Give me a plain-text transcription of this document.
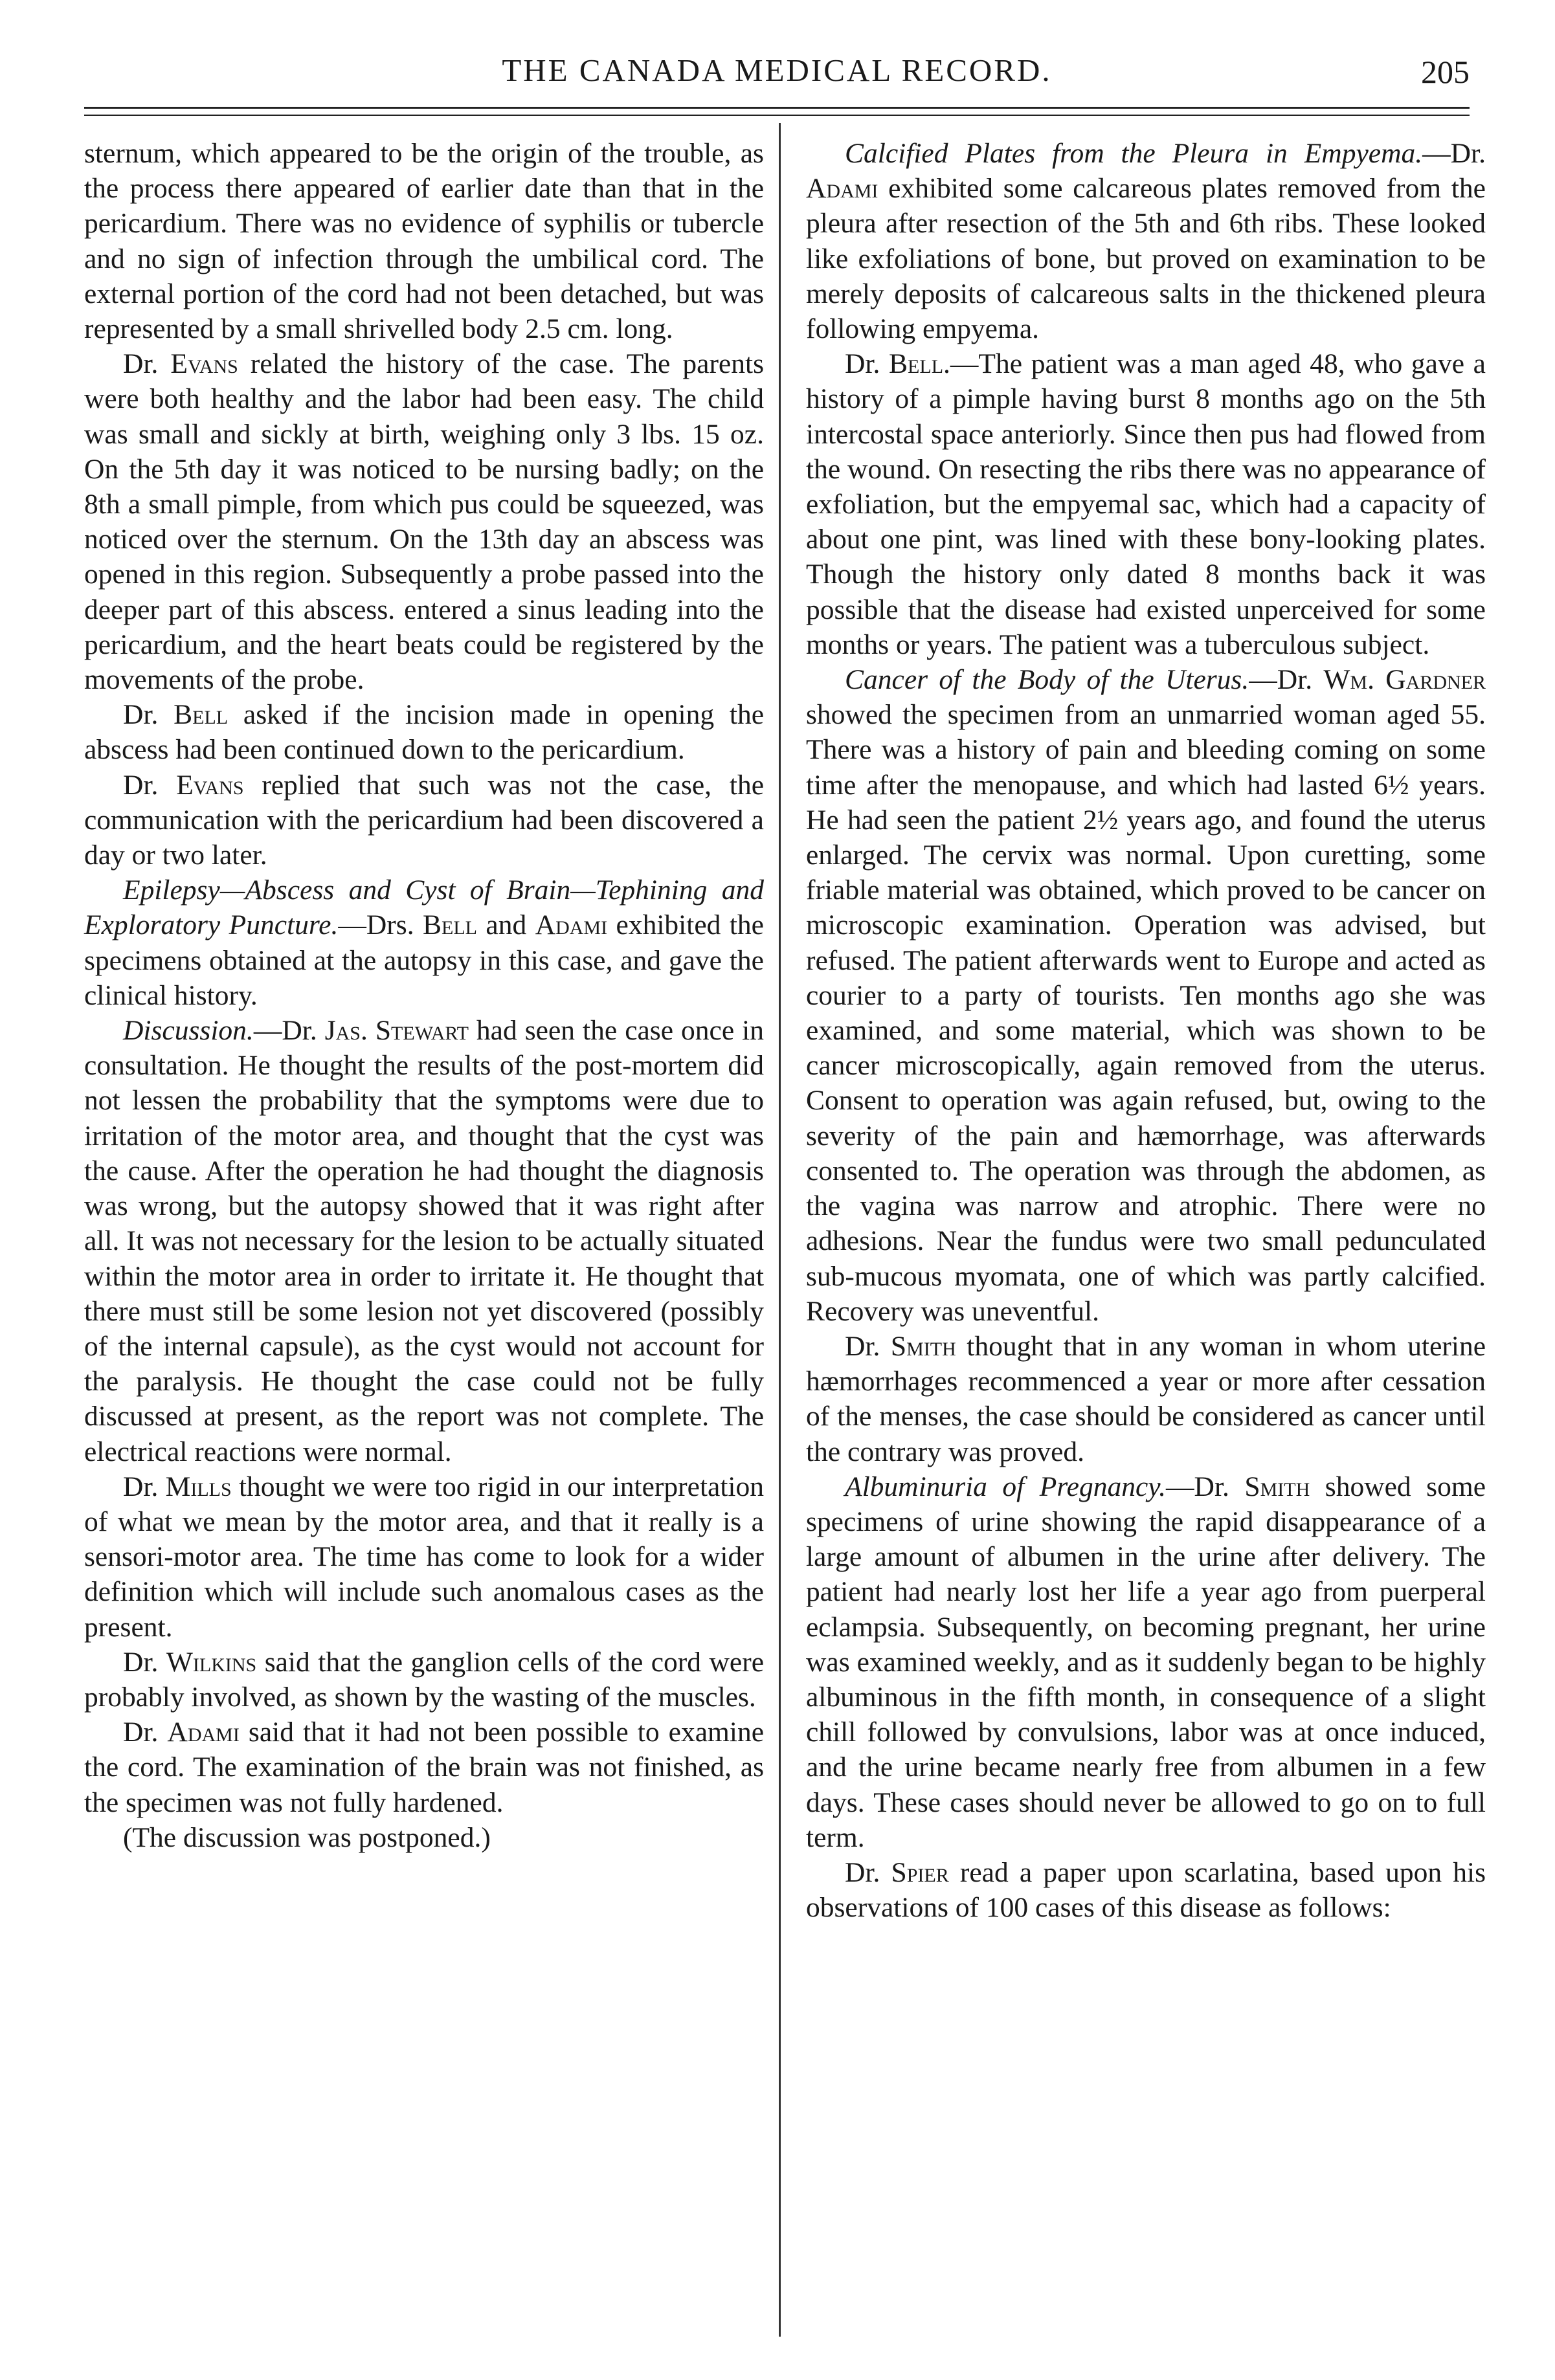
THE CANADA MEDICAL RECORD.	205

sternum, which appeared to be the origin of the trouble, as the process there appeared of earlier date than that in the pericardium. There was no evidence of syphilis or tubercle and no sign of infection through the umbilical cord. The external portion of the cord had not been detached, but was represented by a small shrivelled body 2.5 cm. long.

Dr. Evans related the history of the case. The parents were both healthy and the labor had been easy. The child was small and sickly at birth, weighing only 3 lbs. 15 oz. On the 5th day it was noticed to be nursing badly; on the 8th a small pimple, from which pus could be squeezed, was noticed over the sternum. On the 13th day an abscess was opened in this region. Subsequently a probe passed into the deeper part of this abscess. entered a sinus leading into the pericardium, and the heart beats could be registered by the movements of the probe.

Dr. Bell asked if the incision made in opening the abscess had been continued down to the pericardium.

Dr. Evans replied that such was not the case, the communication with the pericardium had been discovered a day or two later.

Epilepsy—Abscess and Cyst of Brain—Tephining and Exploratory Puncture.—Drs. Bell and Adami exhibited the specimens obtained at the autopsy in this case, and gave the clinical history.

Discussion.—Dr. Jas. Stewart had seen the case once in consultation. He thought the results of the post-mortem did not lessen the probability that the symptoms were due to irritation of the motor area, and thought that the cyst was the cause. After the operation he had thought the diagnosis was wrong, but the autopsy showed that it was right after all. It was not necessary for the lesion to be actually situated within the motor area in order to irritate it. He thought that there must still be some lesion not yet discovered (possibly of the internal capsule), as the cyst would not account for the paralysis. He thought the case could not be fully discussed at present, as the report was not complete. The electrical reactions were normal.

Dr. Mills thought we were too rigid in our interpretation of what we mean by the motor area, and that it really is a sensori-motor area. The time has come to look for a wider definition which will include such anomalous cases as the present.

Dr. Wilkins said that the ganglion cells of the cord were probably involved, as shown by the wasting of the muscles.

Dr. Adami said that it had not been possible to examine the cord. The examination of the brain was not finished, as the specimen was not fully hardened.

(The discussion was postponed.)

Calcified Plates from the Pleura in Empyema.—Dr. Adami exhibited some calcareous plates removed from the pleura after resection of the 5th and 6th ribs. These looked like exfoliations of bone, but proved on examination to be merely deposits of calcareous salts in the thickened pleura following empyema.

Dr. Bell.—The patient was a man aged 48, who gave a history of a pimple having burst 8 months ago on the 5th intercostal space anteriorly. Since then pus had flowed from the wound. On resecting the ribs there was no appearance of exfoliation, but the empyemal sac, which had a capacity of about one pint, was lined with these bony-looking plates. Though the history only dated 8 months back it was possible that the disease had existed unperceived for some months or years. The patient was a tuberculous subject.

Cancer of the Body of the Uterus.—Dr. Wm. Gardner showed the specimen from an unmarried woman aged 55. There was a history of pain and bleeding coming on some time after the menopause, and which had lasted 6½ years. He had seen the patient 2½ years ago, and found the uterus enlarged. The cervix was normal. Upon curetting, some friable material was obtained, which proved to be cancer on microscopic examination. Operation was advised, but refused. The patient afterwards went to Europe and acted as courier to a party of tourists. Ten months ago she was examined, and some material, which was shown to be cancer microscopically, again removed from the uterus. Consent to operation was again refused, but, owing to the severity of the pain and hæmorrhage, was afterwards consented to. The operation was through the abdomen, as the vagina was narrow and atrophic. There were no adhesions. Near the fundus were two small pedunculated sub-mucous myomata, one of which was partly calcified. Recovery was uneventful.

Dr. Smith thought that in any woman in whom uterine hæmorrhages recommenced a year or more after cessation of the menses, the case should be considered as cancer until the contrary was proved.

Albuminuria of Pregnancy.—Dr. Smith showed some specimens of urine showing the rapid disappearance of a large amount of albumen in the urine after delivery. The patient had nearly lost her life a year ago from puerperal eclampsia. Subsequently, on becoming pregnant, her urine was examined weekly, and as it suddenly began to be highly albuminous in the fifth month, in consequence of a slight chill followed by convulsions, labor was at once induced, and the urine became nearly free from albumen in a few days. These cases should never be allowed to go on to full term.

Dr. Spier read a paper upon scarlatina, based upon his observations of 100 cases of this disease as follows:
